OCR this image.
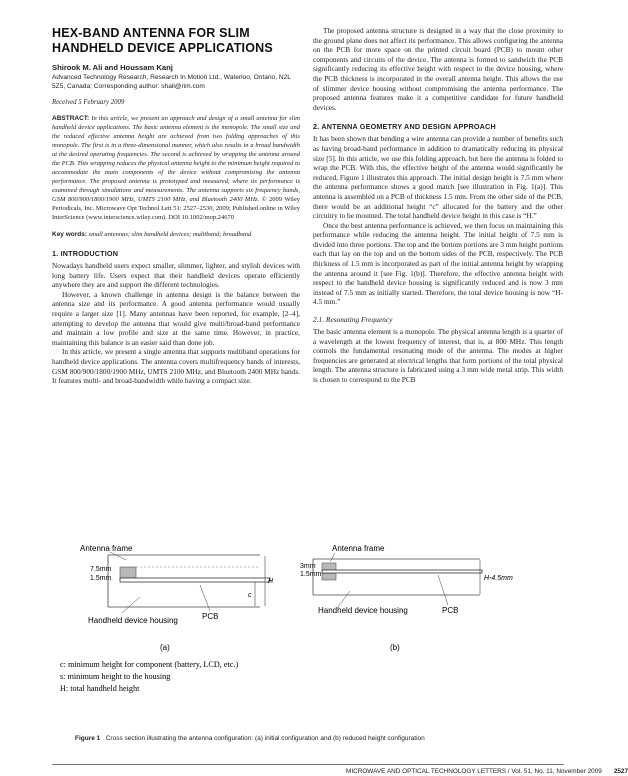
HEX-BAND ANTENNA FOR SLIM HANDHELD DEVICE APPLICATIONS

Shirook M. Ali and Houssam Kanj

Advanced Technology Research, Research In Motion Ltd., Waterloo, Ontario, N2L 5Z5, Canada; Corresponding author: shali@rim.com

Received 5 February 2009

ABSTRACT: In this article, we present an approach and design of a small antenna for slim handheld device applications. The basic antenna element is the monopole. The small size and the reduced effective antenna height are achieved from two folding approaches of this monopole. The first is in a three-dimensional manner, which also results in a broad bandwidth at the desired operating frequencies. The second is achieved by wrapping the antenna around the PCB. This wrapping reduces the physical antenna height to the minimum height required to accommodate the main components of the device without compromising the antenna performance. The proposed antenna is prototyped and measured, where its performance is examined through simulations and measurements. The antenna supports six frequency bands, GSM 800/900/1800/1900 MHz, UMTS 2100 MHz, and Bluetooth 2400 MHz. © 2009 Wiley Periodicals, Inc. Microwave Opt Technol Lett 51: 2527–2530, 2009; Published online in Wiley InterScience (www.interscience.wiley.com). DOI 10.1002/mop.24670

Key words: small antennas; slim handheld devices; multiband; broadband

1. INTRODUCTION

Nowadays handheld users expect smaller, slimmer, lighter, and stylish devices with long battery life. Users expect that their handheld devices operate efficiently anywhere they are and support the different technologies.

However, a known challenge in antenna design is the balance between the antenna size and its performance. A good antenna performance would usually require a larger size [1]. Many antennas have been reported, for example, [2–4], attempting to develop the antenna that would give multi/broad-band performance and maintain a low profile and size at the same time. However, in practice, maintaining this balance is an easier said than done job.

In this article, we present a single antenna that supports multiband operations for handheld device applications. The antenna covers multifrequency bands of interests, GSM 800/900/1800/1900 MHz, UMTS 2100 MHz, and Bluetooth 2400 MHz bands. It features multi- and broad-bandwidth while having a compact size.

The proposed antenna structure is designed in a way that the close proximity to the ground plane does not affect its performance. This allows configuring the antenna on the PCB for more space on the printed circuit board (PCB) to mount other components and circuits of the device. The antenna is formed to sandwich the PCB significantly reducing its effective height with respect to the device housing, where the PCB thickness is incorporated in the overall antenna height. This allows the use of slimmer device housing without compromising the antenna performance. The proposed antenna features make it a competitive candidate for future handheld devices.

2. ANTENNA GEOMETRY AND DESIGN APPROACH

It has been shown that bending a wire antenna can provide a number of benefits such as having broad-band performance in addition to dramatically reducing its physical size [5]. In this article, we use this folding approach, but here the antenna is folded to wrap the PCB. With this, the effective height of the antenna would significantly be reduced, Figure 1 illustrates this approach. The initial design height is 7.5 mm where the antenna performance shows a good match [see illustration in Fig. 1(a)]. This antenna is assembled on a PCB of thickness 1.5 mm. From the other side of the PCB, there would be an additional height “c” allocated for the battery and the other circuitry to be mounted. The total handheld device height in this case is “H.”

Once the best antenna performance is achieved, we then focus on maintaining this performance while reducing the antenna height. The initial height of 7.5 mm is divided into three portions. The top and the bottom portions are 3 mm height portions each that lay on the top and on the bottom sides of the PCB, respectively. The PCB thickness of 1.5 mm is incorporated as part of the initial antenna height by wrapping the antenna around it [see Fig. 1(b)]. Therefore, the effective antenna height with respect to the handheld device housing is significantly reduced and is now 3 mm instead of 7.5 mm as initially started. Therefore, the total device housing is now “H-4.5 mm.”

2.1. Resonating Frequency

The basic antenna element is a monopole. The physical antenna length is a quarter of a wavelength at the lowest frequency of interest, that is, at 800 MHz. This length controls the fundamental resonating mode of the antenna. The modes at higher frequencies are generated at electrical lengths that form portions of the total physical length. The antenna structure is fabricated using a 3 mm wide metal strip. This width is chosen to correspond to the PCB

Antenna frame
7.5mm
1.5mm
c
H
Handheld device housing	PCB
(a)
Antenna frame
3mm
1.5mm
H-4.5mm
Handheld device housing	PCB
(b)
c: minimum height for component (battery, LCD, etc.)
s: minimum height to the housing
H: total handheld height
Figure 1 Cross section illustrating the antenna configuration: (a) initial configuration and (b) reduced height configuration
MICROWAVE AND OPTICAL TECHNOLOGY LETTERS / Vol. 51, No. 11, November 2009 2527
